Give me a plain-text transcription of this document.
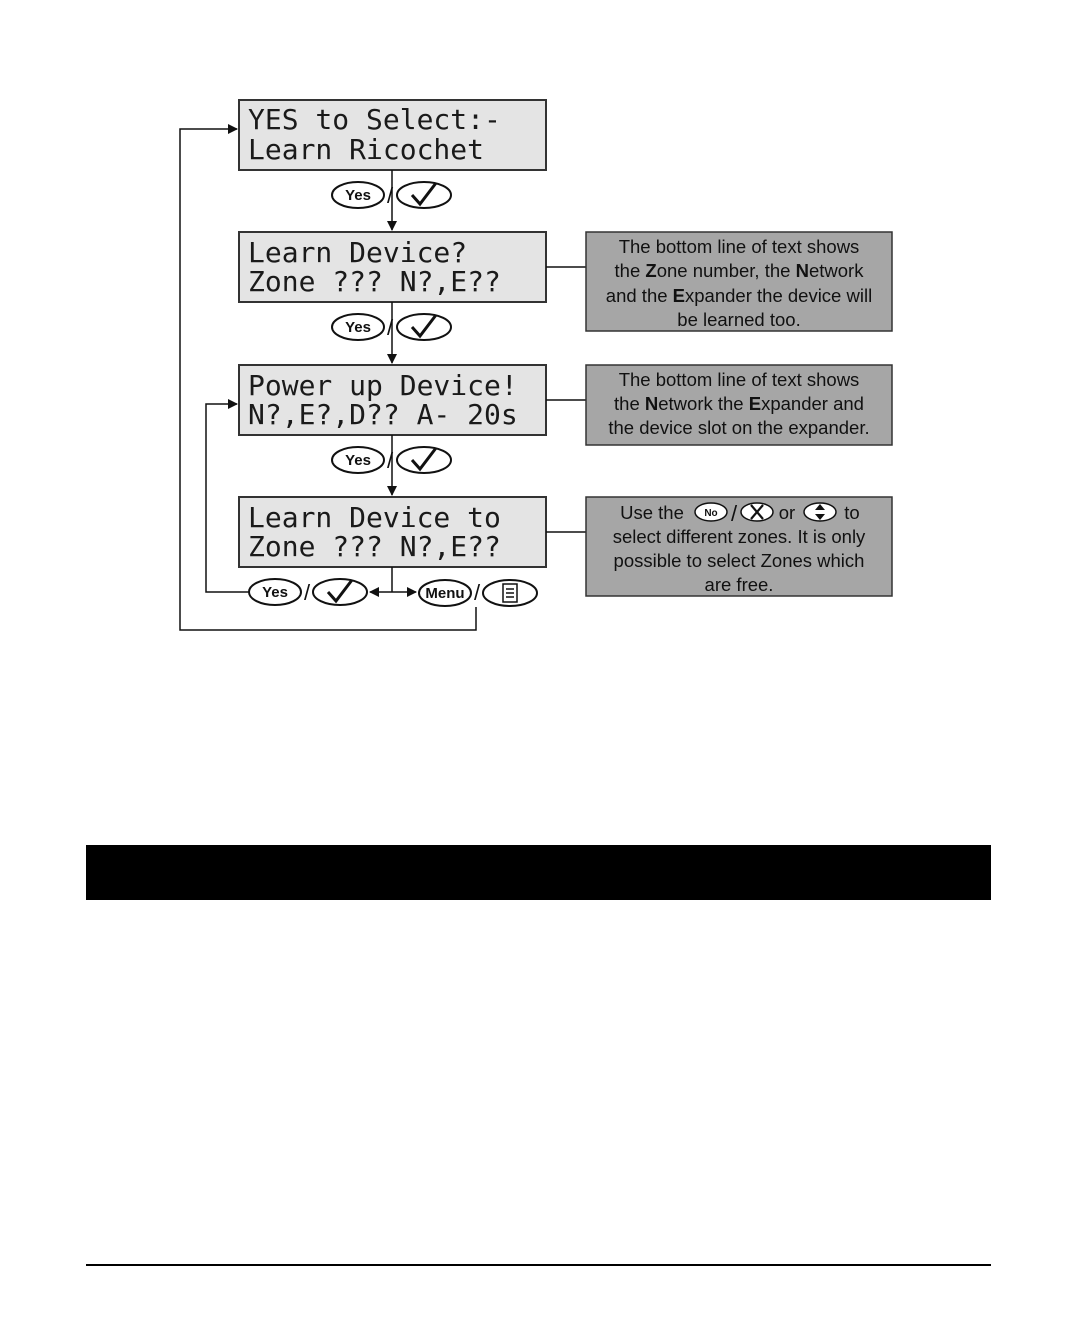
YES to Select:-
Learn Ricochet
Learn Device?
Zone ??? N?,E??
Power up Device!
N?,E?,D?? A- 20s
Learn Device to
Zone ??? N?,E??
Yes /
Yes /
Yes /
Yes /	Menu /
The bottom line of text shows
the Zone number, the Network
and the Expander the device will
be learned too.
The bottom line of text shows
the Network the Expander and
the device slot on the expander.
Use the No / or	to
select different zones. It is only
possible to select Zones which
are free.
